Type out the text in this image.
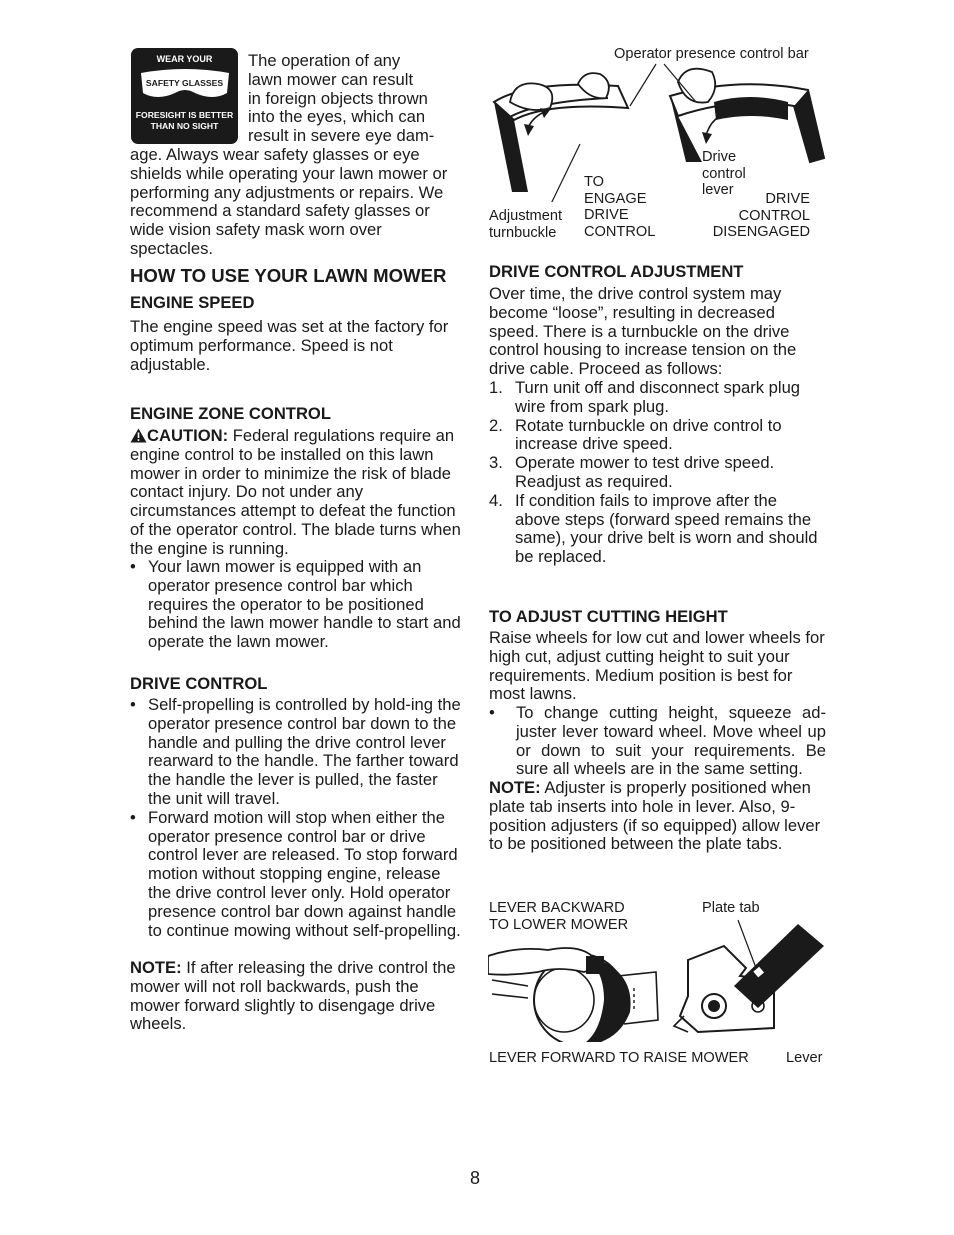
WEAR YOUR
SAFETY GLASSES
FORESIGHT IS BETTER
THAN NO SIGHT
The operation of any
lawn mower can result
in foreign objects thrown
into the eyes, which can
result in severe eye dam-

age. Always wear safety glasses or eye shields while operating your lawn mower or performing any adjustments or repairs. We recommend a standard safety glasses or wide vision safety mask worn over spectacles.

HOW TO USE YOUR LAWN MOWER
ENGINE SPEED

The engine speed was set at the factory for optimum performance. Speed is not adjustable.

ENGINE ZONE CONTROL

CAUTION: Federal regulations require an engine control to be installed on this lawn mower in order to minimize the risk of blade contact injury. Do not under any circumstances attempt to defeat the function of the operator control. The blade turns when the engine is running.

• Your lawn mower is equipped with an operator presence control bar which requires the operator to be positioned behind the lawn mower handle to start and operate the lawn mower.
DRIVE CONTROL
• Self-propelling is controlled by hold-ing the operator presence control bar down to the handle and pulling the drive control lever rearward to the handle. The farther toward the handle the lever is pulled, the faster the unit will travel.
• Forward motion will stop when either the operator presence control bar or drive control lever are released. To stop forward motion without stopping engine, release the drive control lever only. Hold operator presence control bar down against handle to continue mowing without self-propelling.

NOTE: If after releasing the drive control the mower will not roll backwards, push the mower forward slightly to disengage drive wheels.

Operator presence control bar
Drive
control
lever
TO
ENGAGE
DRIVE
CONTROL
Adjustment
turnbuckle
DRIVE
CONTROL
DISENGAGED
DRIVE CONTROL ADJUSTMENT

Over time, the drive control system may become “loose”, resulting in decreased speed. There is a turnbuckle on the drive control housing to increase tension on the drive cable. Proceed as follows:

1. Turn unit off and disconnect spark plug wire from spark plug.
2. Rotate turnbuckle on drive control to increase drive speed.
3. Operate mower to test drive speed. Readjust as required.
4. If condition fails to improve after the above steps (forward speed remains the same), your drive belt is worn and should be replaced.
TO ADJUST CUTTING HEIGHT

Raise wheels for low cut and lower wheels for high cut, adjust cutting height to suit your requirements. Medium position is best for most lawns.

• To change cutting height, squeeze ad-juster lever toward wheel. Move wheel up or down to suit your requirements. Be sure all wheels are in the same setting.

NOTE: Adjuster is properly positioned when plate tab inserts into hole in lever. Also, 9-position adjusters (if so equipped) allow lever to be positioned between the plate tabs.

LEVER BACKWARD
TO LOWER MOWER
Plate tab
LEVER FORWARD TO RAISE MOWER	Lever
8
